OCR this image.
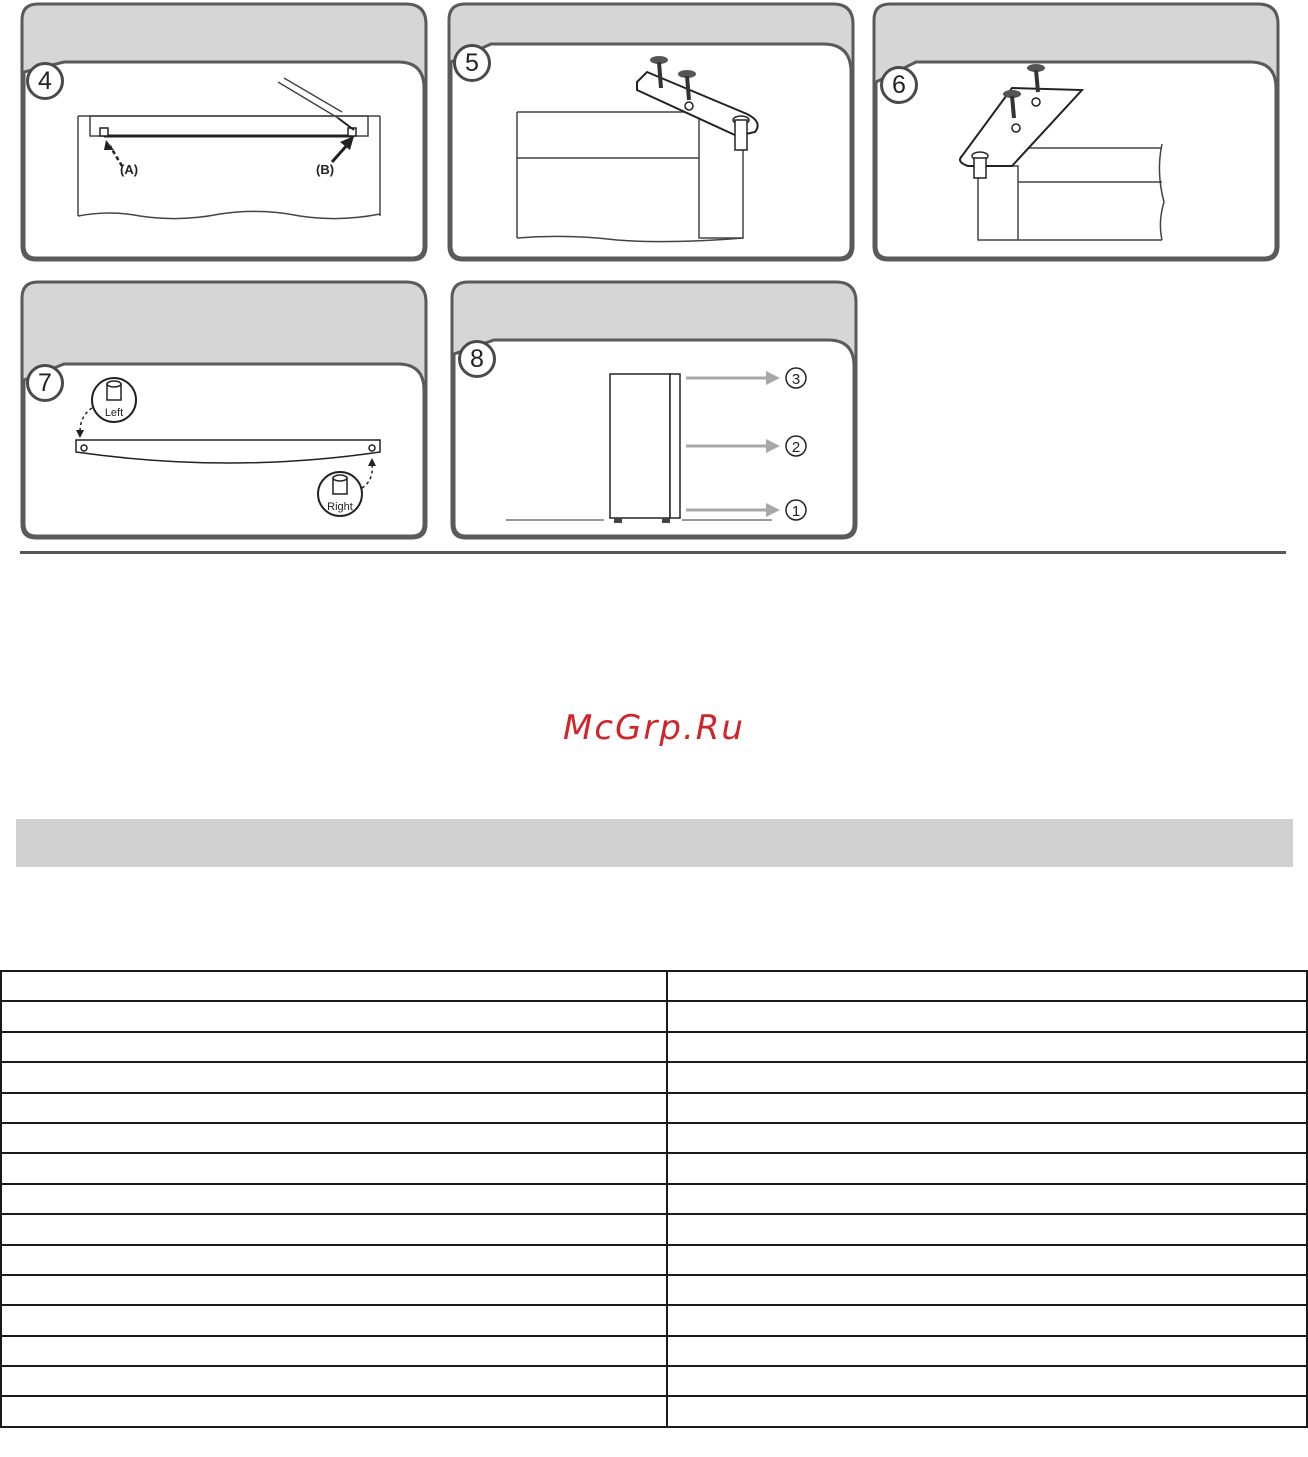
(A)	(B)
4
5
6
Left
Right
7	3
2
1
8
McGrp.Ru
